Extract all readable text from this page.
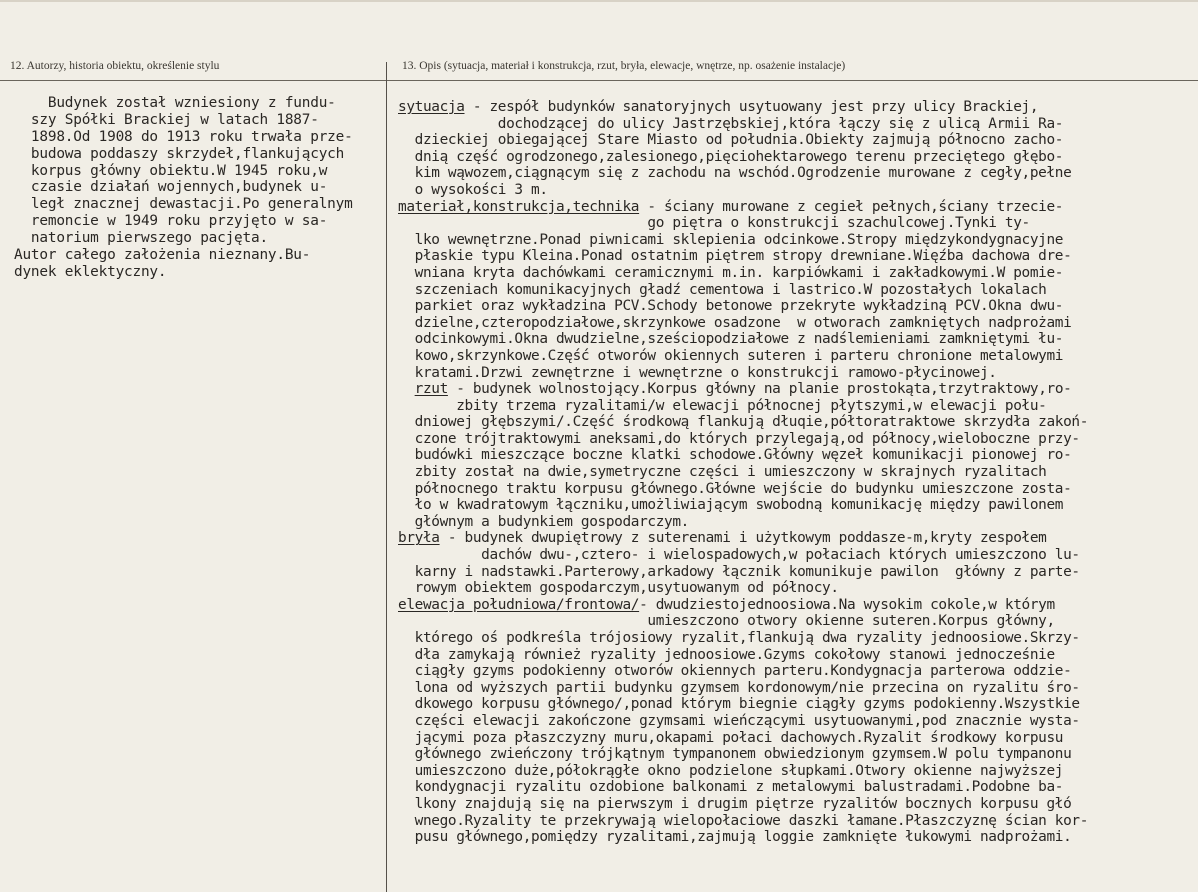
12. Autorzy, historia obiektu, określenie stylu	13. Opis (sytuacja, materiał i konstrukcja, rzut, bryła, elewacje, wnętrze, np. osażenie instalacje)
Budynek został wzniesiony z fundu-
szy Spółki Brackiej w latach 1887-
1898.Od 1908 do 1913 roku trwała prze-
budowa poddaszy skrzydeł,flankujących
korpus główny obiektu.W 1945 roku,w
czasie działań wojennych,budynek u-
legł znacznej dewastacji.Po generalnym
remoncie w 1949 roku przyjęto w sa-
natorium pierwszego pacjęta.
Autor całego założenia nieznany.Bu-
dynek eklektyczny.
sytuacja - zespół budynków sanatoryjnych usytuowany jest przy ulicy Brackiej,
dochodzącej do ulicy Jastrzębskiej,która łączy się z ulicą Armii Ra-
dzieckiej obiegającej Stare Miasto od południa.Obiekty zajmują północno zacho-
dnią część ogrodzonego,zalesionego,pięciohektarowego terenu przeciętego głębo-
kim wąwozem,ciągnącym się z zachodu na wschód.Ogrodzenie murowane z cegły,pełne
o wysokości 3 m.
materiał,konstrukcja,technika - ściany murowane z cegieł pełnych,ściany trzecie-
go piętra o konstrukcji szachulcowej.Tynki ty-
lko wewnętrzne.Ponad piwnicami sklepienia odcinkowe.Stropy międzykondygnacyjne
płaskie typu Kleina.Ponad ostatnim piętrem stropy drewniane.Więźba dachowa dre-
wniana kryta dachówkami ceramicznymi m.in. karpiówkami i zakładkowymi.W pomie-
szczeniach komunikacyjnych gładź cementowa i lastrico.W pozostałych lokalach
parkiet oraz wykładzina PCV.Schody betonowe przekryte wykładziną PCV.Okna dwu-
dzielne,czteropodziałowe,skrzynkowe osadzone  w otworach zamkniętych nadprożami
odcinkowymi.Okna dwudzielne,sześciopodziałowe z nadślemieniami zamkniętymi łu-
kowo,skrzynkowe.Część otworów okiennych suteren i parteru chronione metalowymi
kratami.Drzwi zewnętrzne i wewnętrzne o konstrukcji ramowo-płycinowej.
rzut - budynek wolnostojący.Korpus główny na planie prostokąta,trzytraktowy,ro-
zbity trzema ryzalitami/w elewacji północnej płytszymi,w elewacji połu-
dniowej głębszymi/.Część środkową flankują dłuqie,półtoratraktowe skrzydła zakoń-
czone trójtraktowymi aneksami,do których przylegają,od północy,wieloboczne przy-
budówki mieszczące boczne klatki schodowe.Główny węzeł komunikacji pionowej ro-
zbity został na dwie,symetryczne części i umieszczony w skrajnych ryzalitach
północnego traktu korpusu głównego.Główne wejście do budynku umieszczone zosta-
ło w kwadratowym łączniku,umożliwiającym swobodną komunikację między pawilonem
głównym a budynkiem gospodarczym.
bryła - budynek dwupiętrowy z suterenami i użytkowym poddasze-m,kryty zespołem
dachów dwu-,cztero- i wielospadowych,w połaciach których umieszczono lu-
karny i nadstawki.Parterowy,arkadowy łącznik komunikuje pawilon  główny z parte-
rowym obiektem gospodarczym,usytuowanym od północy.
elewacja południowa/frontowa/- dwudziestojednoosiowa.Na wysokim cokole,w którym
umieszczono otwory okienne suteren.Korpus główny,
którego oś podkreśla trójosiowy ryzalit,flankują dwa ryzality jednoosiowe.Skrzy-
dła zamykają również ryzality jednoosiowe.Gzyms cokołowy stanowi jednocześnie
ciągły gzyms podokienny otworów okiennych parteru.Kondygnacja parterowa oddzie-
lona od wyższych partii budynku gzymsem kordonowym/nie przecina on ryzalitu śro-
dkowego korpusu głównego/,ponad którym biegnie ciągły gzyms podokienny.Wszystkie
części elewacji zakończone gzymsami wieńczącymi usytuowanymi,pod znacznie wysta-
jącymi poza płaszczyzny muru,okapami połaci dachowych.Ryzalit środkowy korpusu
głównego zwieńczony trójkątnym tympanonem obwiedzionym gzymsem.W polu tympanonu
umieszczono duże,półokrągłe okno podzielone słupkami.Otwory okienne najwyższej
kondygnacji ryzalitu ozdobione balkonami z metalowymi balustradami.Podobne ba-
lkony znajdują się na pierwszym i drugim piętrze ryzalitów bocznych korpusu głó
wnego.Ryzality te przekrywają wielopołaciowe daszki łamane.Płaszczyznę ścian kor-
pusu głównego,pomiędzy ryzalitami,zajmują loggie zamknięte łukowymi nadprożami.
